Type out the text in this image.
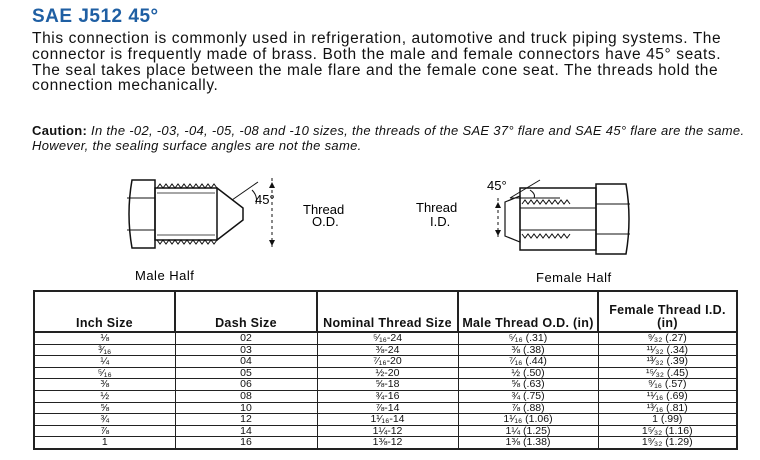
SAE J512 45°

This connection is commonly used in refrigeration, automotive and truck piping systems. The connector is frequently made of brass. Both the male and female connectors have 45° seats. The seal takes place between the male flare and the female cone seat. The threads hold the connection mechanically.

Caution: In the -02, -03, -04, -05, -08 and -10 sizes, the threads of the SAE 37° flare and SAE 45° flare are the same. However, the sealing surface angles are not the same.

45°
Thread
O.D.
Male Half
45°
Thread
I.D.
Female Half
Inch Size	Dash Size	Nominal Thread Size	Male Thread O.D. (in)	Female Thread I.D. (in)
⅛	02	⁵⁄₁₆-24	⁵⁄₁₆ (.31)	⁹⁄₃₂ (.27)
³⁄₁₆	03	⅜-24	⅜ (.38)	¹¹⁄₃₂ (.34)
¼	04	⁷⁄₁₆-20	⁷⁄₁₆ (.44)	¹³⁄₃₂ (.39)
⁵⁄₁₆	05	½-20	½ (.50)	¹⁵⁄₃₂ (.45)
⅜	06	⅝-18	⅝ (.63)	⁹⁄₁₆ (.57)
½	08	¾-16	¾ (.75)	¹¹⁄₁₆ (.69)
⅝	10	⅞-14	⅞ (.88)	¹³⁄₁₆ (.81)
¾	12	1¹⁄₁₆-14	1¹⁄₁₆ (1.06)	1 (.99)
⅞	14	1¼-12	1¼ (1.25)	1⁵⁄₃₂ (1.16)
1	16	1⅜-12	1⅜ (1.38)	1⁹⁄₃₂ (1.29)
